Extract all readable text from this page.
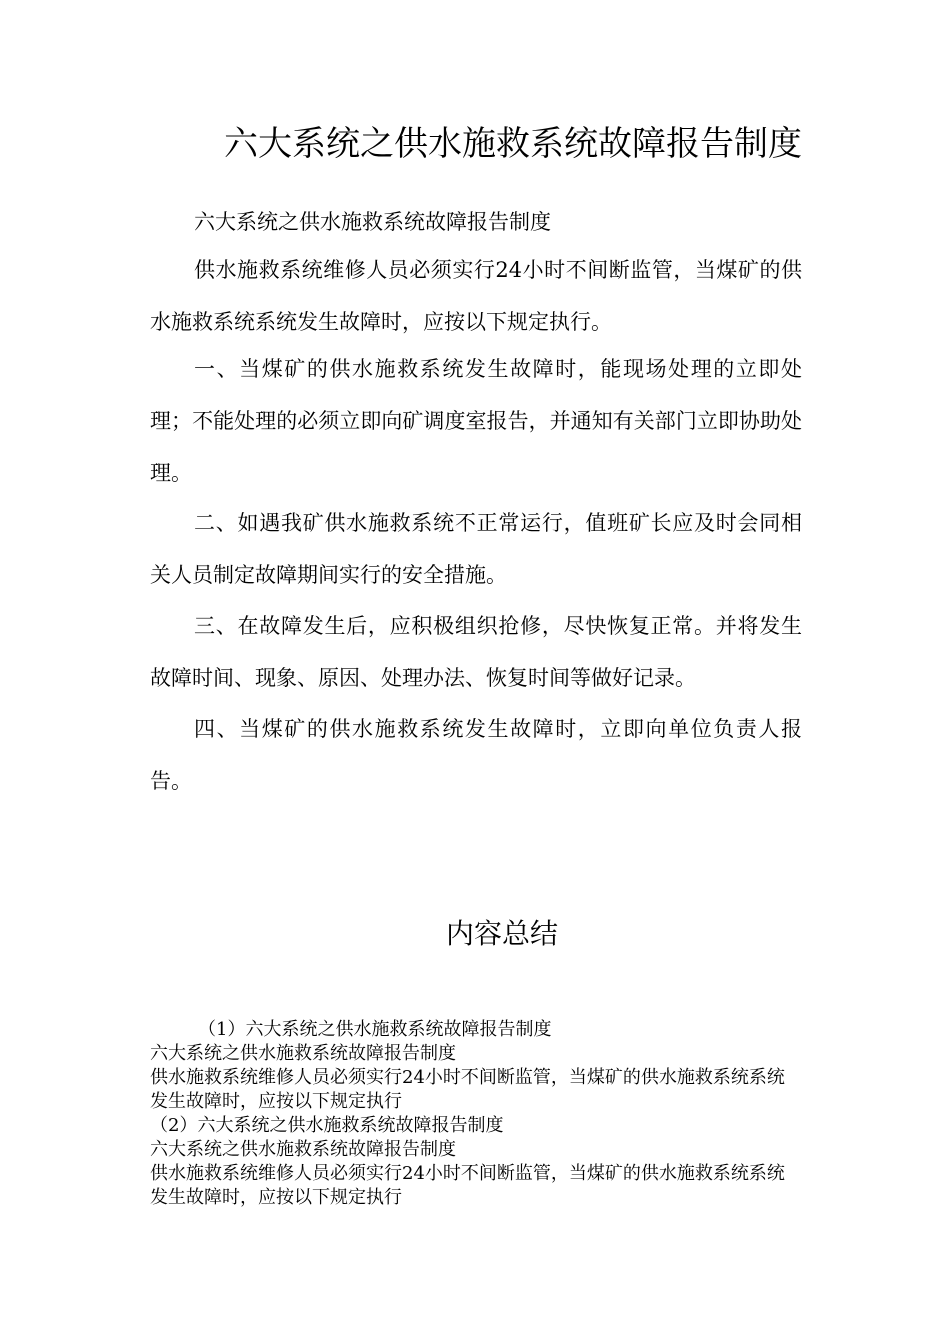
六大系统之供水施救系统故障报告制度

六大系统之供水施救系统故障报告制度

供水施救系统维修人员必须实行24小时不间断监管，当煤矿的供水施救系统系统发生故障时，应按以下规定执行。

一、当煤矿的供水施救系统发生故障时，能现场处理的立即处理；不能处理的必须立即向矿调度室报告，并通知有关部门立即协助处理。

二、如遇我矿供水施救系统不正常运行，值班矿长应及时会同相关人员制定故障期间实行的安全措施。

三、在故障发生后，应积极组织抢修，尽快恢复正常。并将发生故障时间、现象、原因、处理办法、恢复时间等做好记录。

四、当煤矿的供水施救系统发生故障时，立即向单位负责人报告。

内容总结
（1）六大系统之供水施救系统故障报告制度
六大系统之供水施救系统故障报告制度
供水施救系统维修人员必须实行24小时不间断监管，当煤矿的供水施救系统系统发生故障时，应按以下规定执行
（2）六大系统之供水施救系统故障报告制度
六大系统之供水施救系统故障报告制度
供水施救系统维修人员必须实行24小时不间断监管，当煤矿的供水施救系统系统发生故障时，应按以下规定执行
